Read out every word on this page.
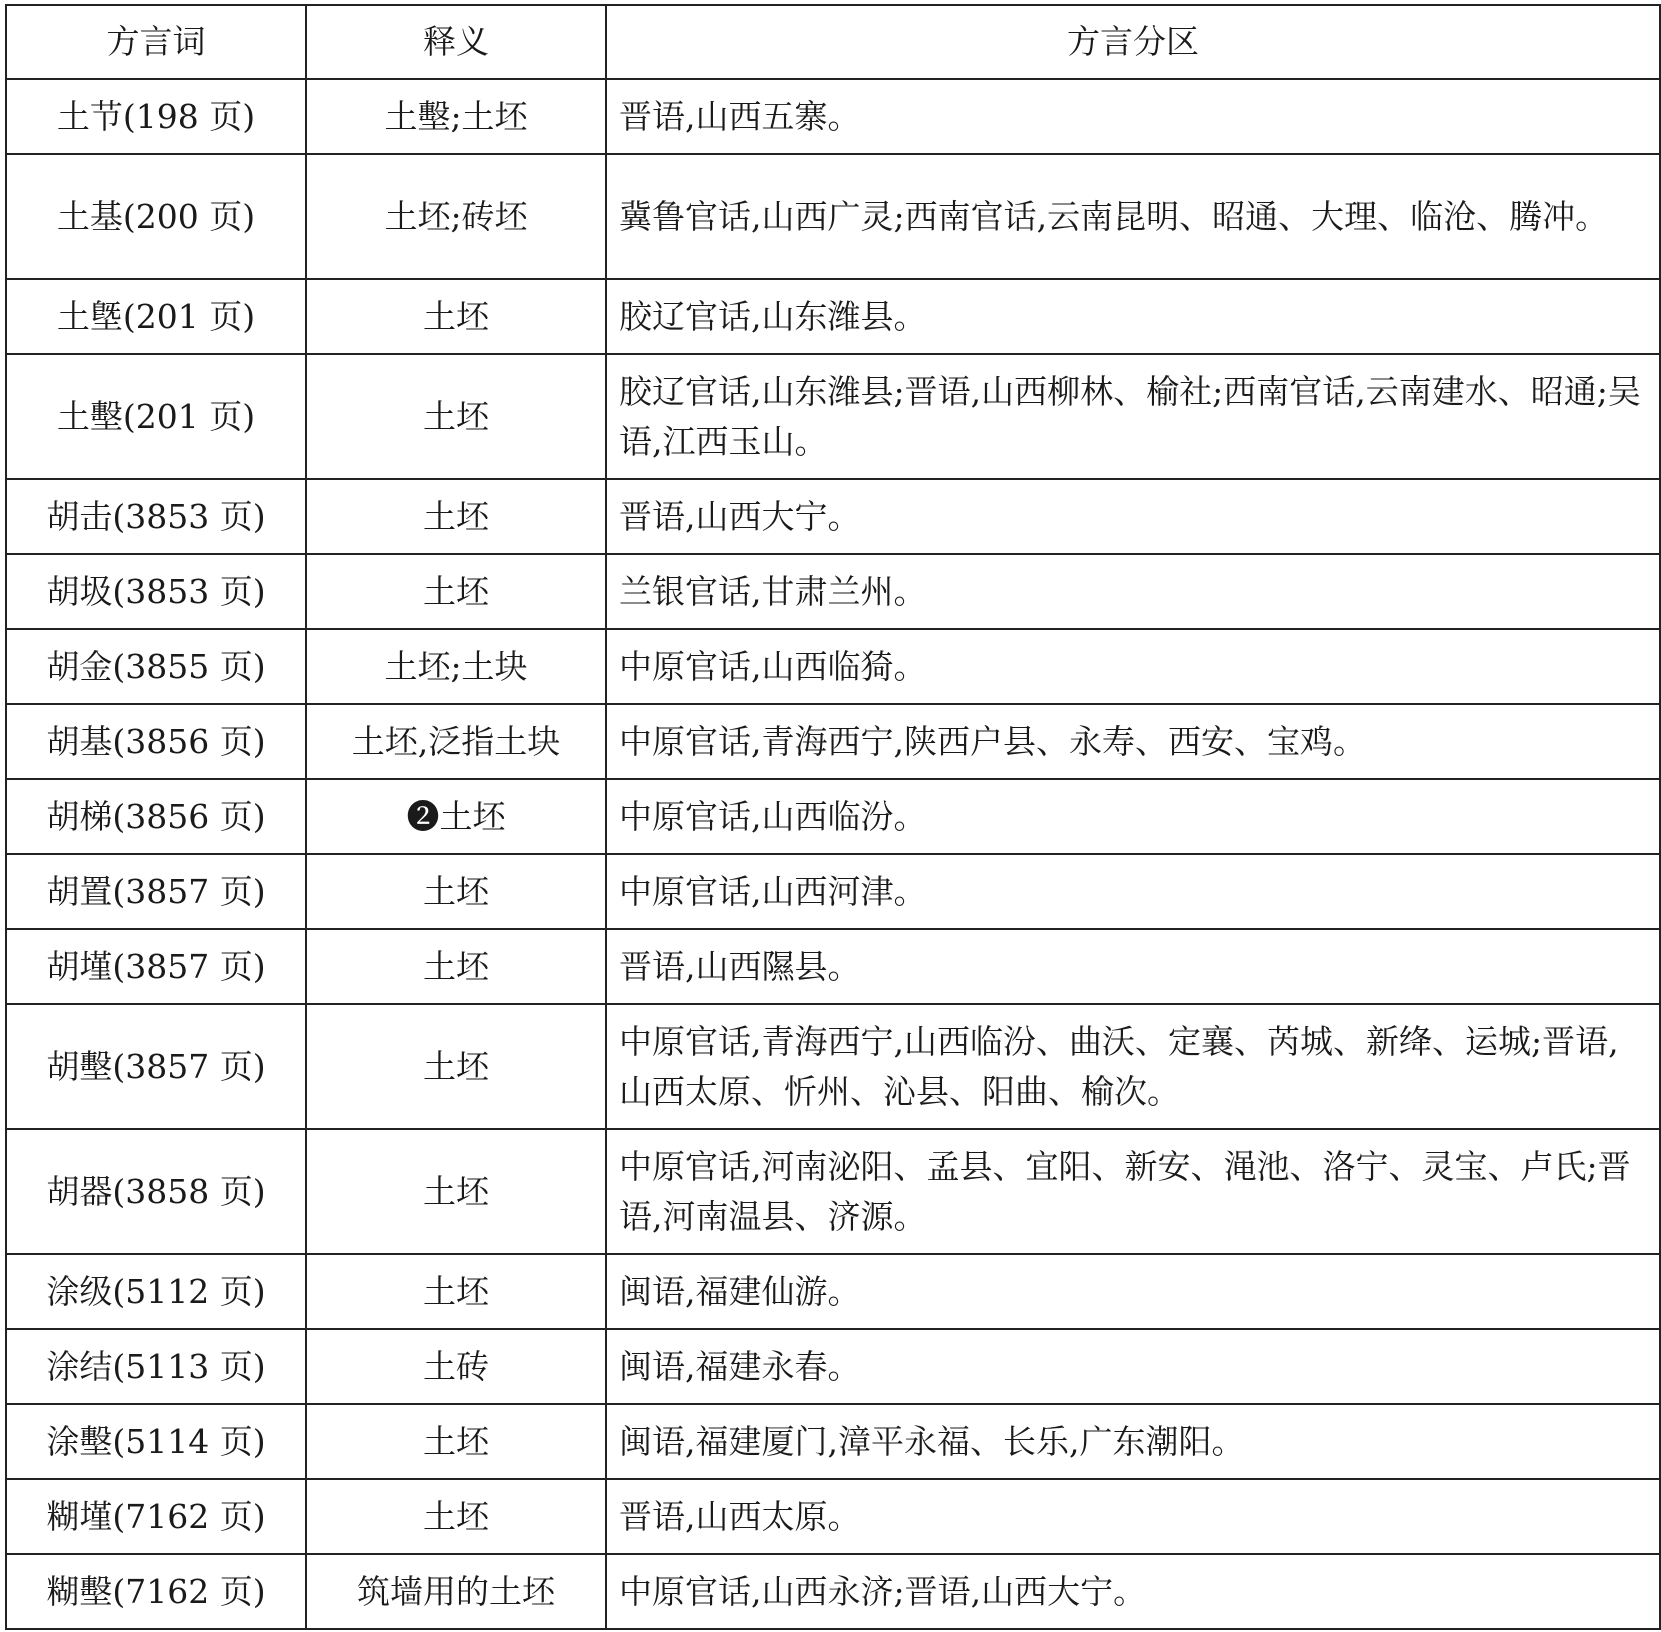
方言词	释义	方言分区
土节(198 页)	土墼;土坯	晋语,山西五寨。
土基(200 页)	土坯;砖坯	冀鲁官话,山西广灵;西南官话,云南昆明、昭通、大理、临沧、腾冲。
土墍(201 页)	土坯	胶辽官话,山东潍县。
土墼(201 页)	土坯	胶辽官话,山东潍县;晋语,山西柳林、榆社;西南官话,云南建水、昭通;吴语,江西玉山。
胡击(3853 页)	土坯	晋语,山西大宁。
胡圾(3853 页)	土坯	兰银官话,甘肃兰州。
胡金(3855 页)	土坯;土块	中原官话,山西临猗。
胡基(3856 页)	土坯,泛指土块	中原官话,青海西宁,陕西户县、永寿、西安、宝鸡。
胡梯(3856 页)	❷土坯	中原官话,山西临汾。
胡置(3857 页)	土坯	中原官话,山西河津。
胡墐(3857 页)	土坯	晋语,山西隰县。
胡墼(3857 页)	土坯	中原官话,青海西宁,山西临汾、曲沃、定襄、芮城、新绛、运城;晋语,山西太原、忻州、沁县、阳曲、榆次。
胡器(3858 页)	土坯	中原官话,河南泌阳、孟县、宜阳、新安、渑池、洛宁、灵宝、卢氏;晋语,河南温县、济源。
涂级(5112 页)	土坯	闽语,福建仙游。
涂结(5113 页)	土砖	闽语,福建永春。
涂墼(5114 页)	土坯	闽语,福建厦门,漳平永福、长乐,广东潮阳。
糊墐(7162 页)	土坯	晋语,山西太原。
糊墼(7162 页)	筑墙用的土坯	中原官话,山西永济;晋语,山西大宁。
